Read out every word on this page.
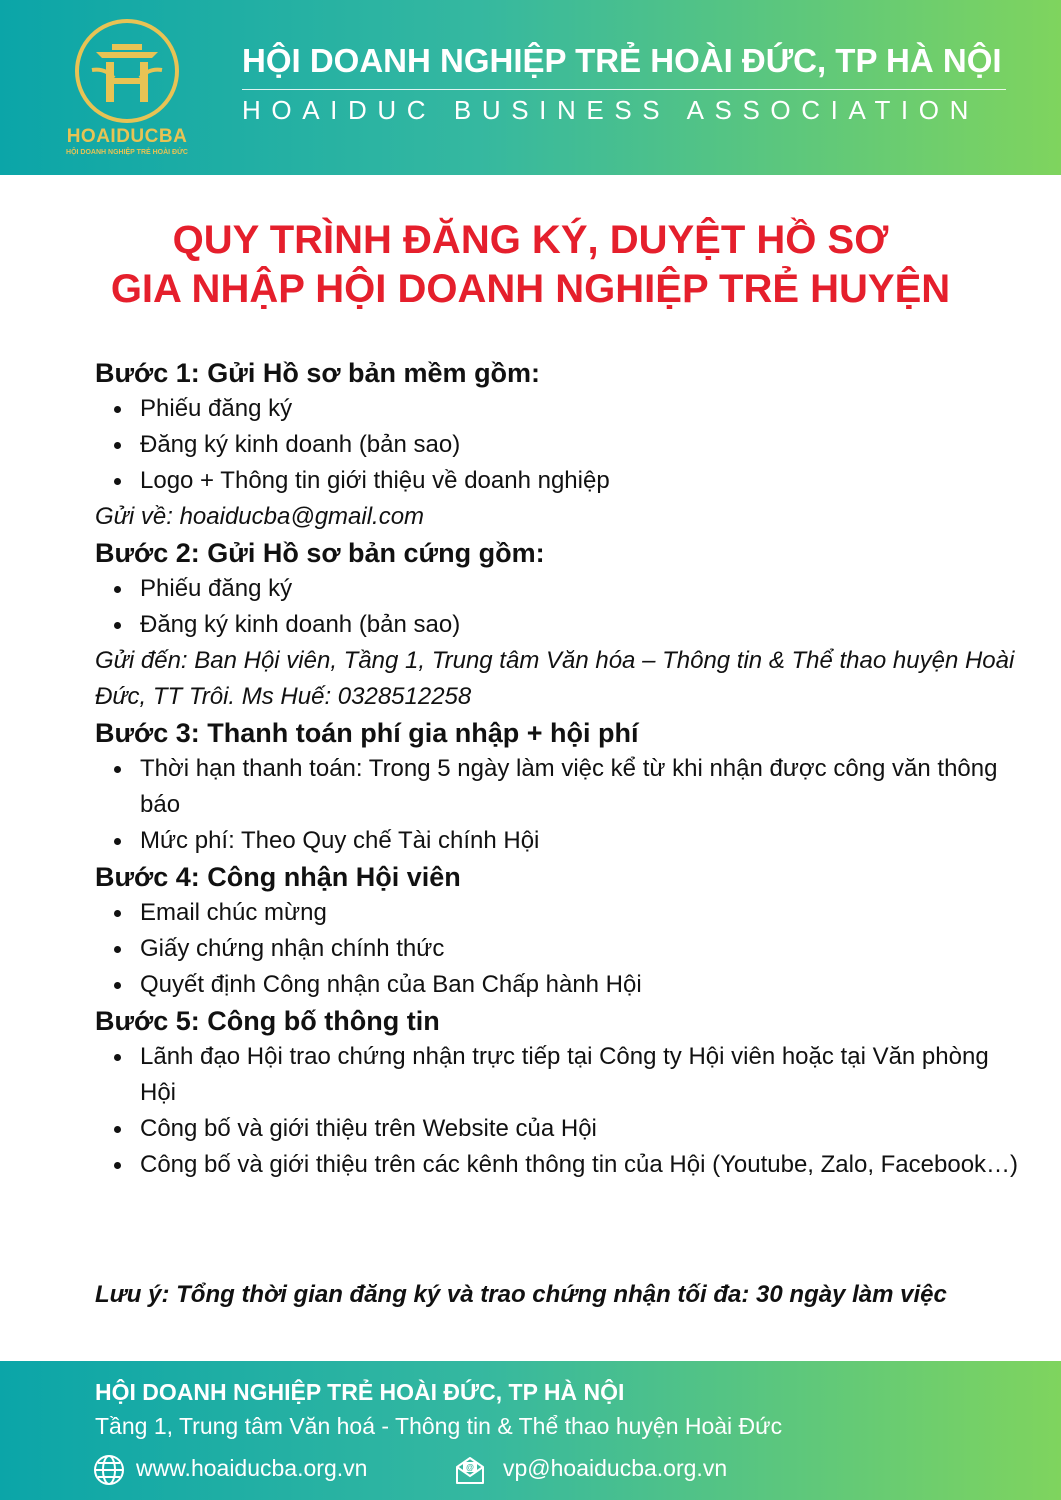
HOAIDUCBA
HỘI DOANH NGHIỆP TRẺ HOÀI ĐỨC
HỘI DOANH NGHIỆP TRẺ HOÀI ĐỨC, TP HÀ NỘI
HOAIDUC BUSINESS ASSOCIATION
QUY TRÌNH ĐĂNG KÝ, DUYỆT HỒ SƠ
GIA NHẬP HỘI DOANH NGHIỆP TRẺ HUYỆN

Bước 1: Gửi Hồ sơ bản mềm gồm:

Phiếu đăng ký
Đăng ký kinh doanh (bản sao)
Logo + Thông tin giới thiệu về doanh nghiệp

Gửi về: hoaiducba@gmail.com

Bước 2: Gửi Hồ sơ bản cứng gồm:

Phiếu đăng ký
Đăng ký kinh doanh (bản sao)

Gửi đến: Ban Hội viên, Tầng 1, Trung tâm Văn hóa – Thông tin & Thể thao huyện Hoài Đức, TT Trôi. Ms Huế: 0328512258

Bước 3: Thanh toán phí gia nhập + hội phí

Thời hạn thanh toán: Trong 5 ngày làm việc kể từ khi nhận được công văn thông báo
Mức phí: Theo Quy chế Tài chính Hội

Bước 4: Công nhận Hội viên

Email chúc mừng
Giấy chứng nhận chính thức
Quyết định Công nhận của Ban Chấp hành Hội

Bước 5: Công bố thông tin

Lãnh đạo Hội trao chứng nhận trực tiếp tại Công ty Hội viên hoặc tại Văn phòng Hội
Công bố và giới thiệu trên Website của Hội
Công bố và giới thiệu trên các kênh thông tin của Hội (Youtube, Zalo, Facebook…)
Lưu ý: Tổng thời gian đăng ký và trao chứng nhận tối đa: 30 ngày làm việc
HỘI DOANH NGHIỆP TRẺ HOÀI ĐỨC, TP HÀ NỘI
Tầng 1, Trung tâm Văn hoá - Thông tin & Thể thao huyện Hoài Đức
www.hoaiducba.org.vn	@ vp@hoaiducba.org.vn
